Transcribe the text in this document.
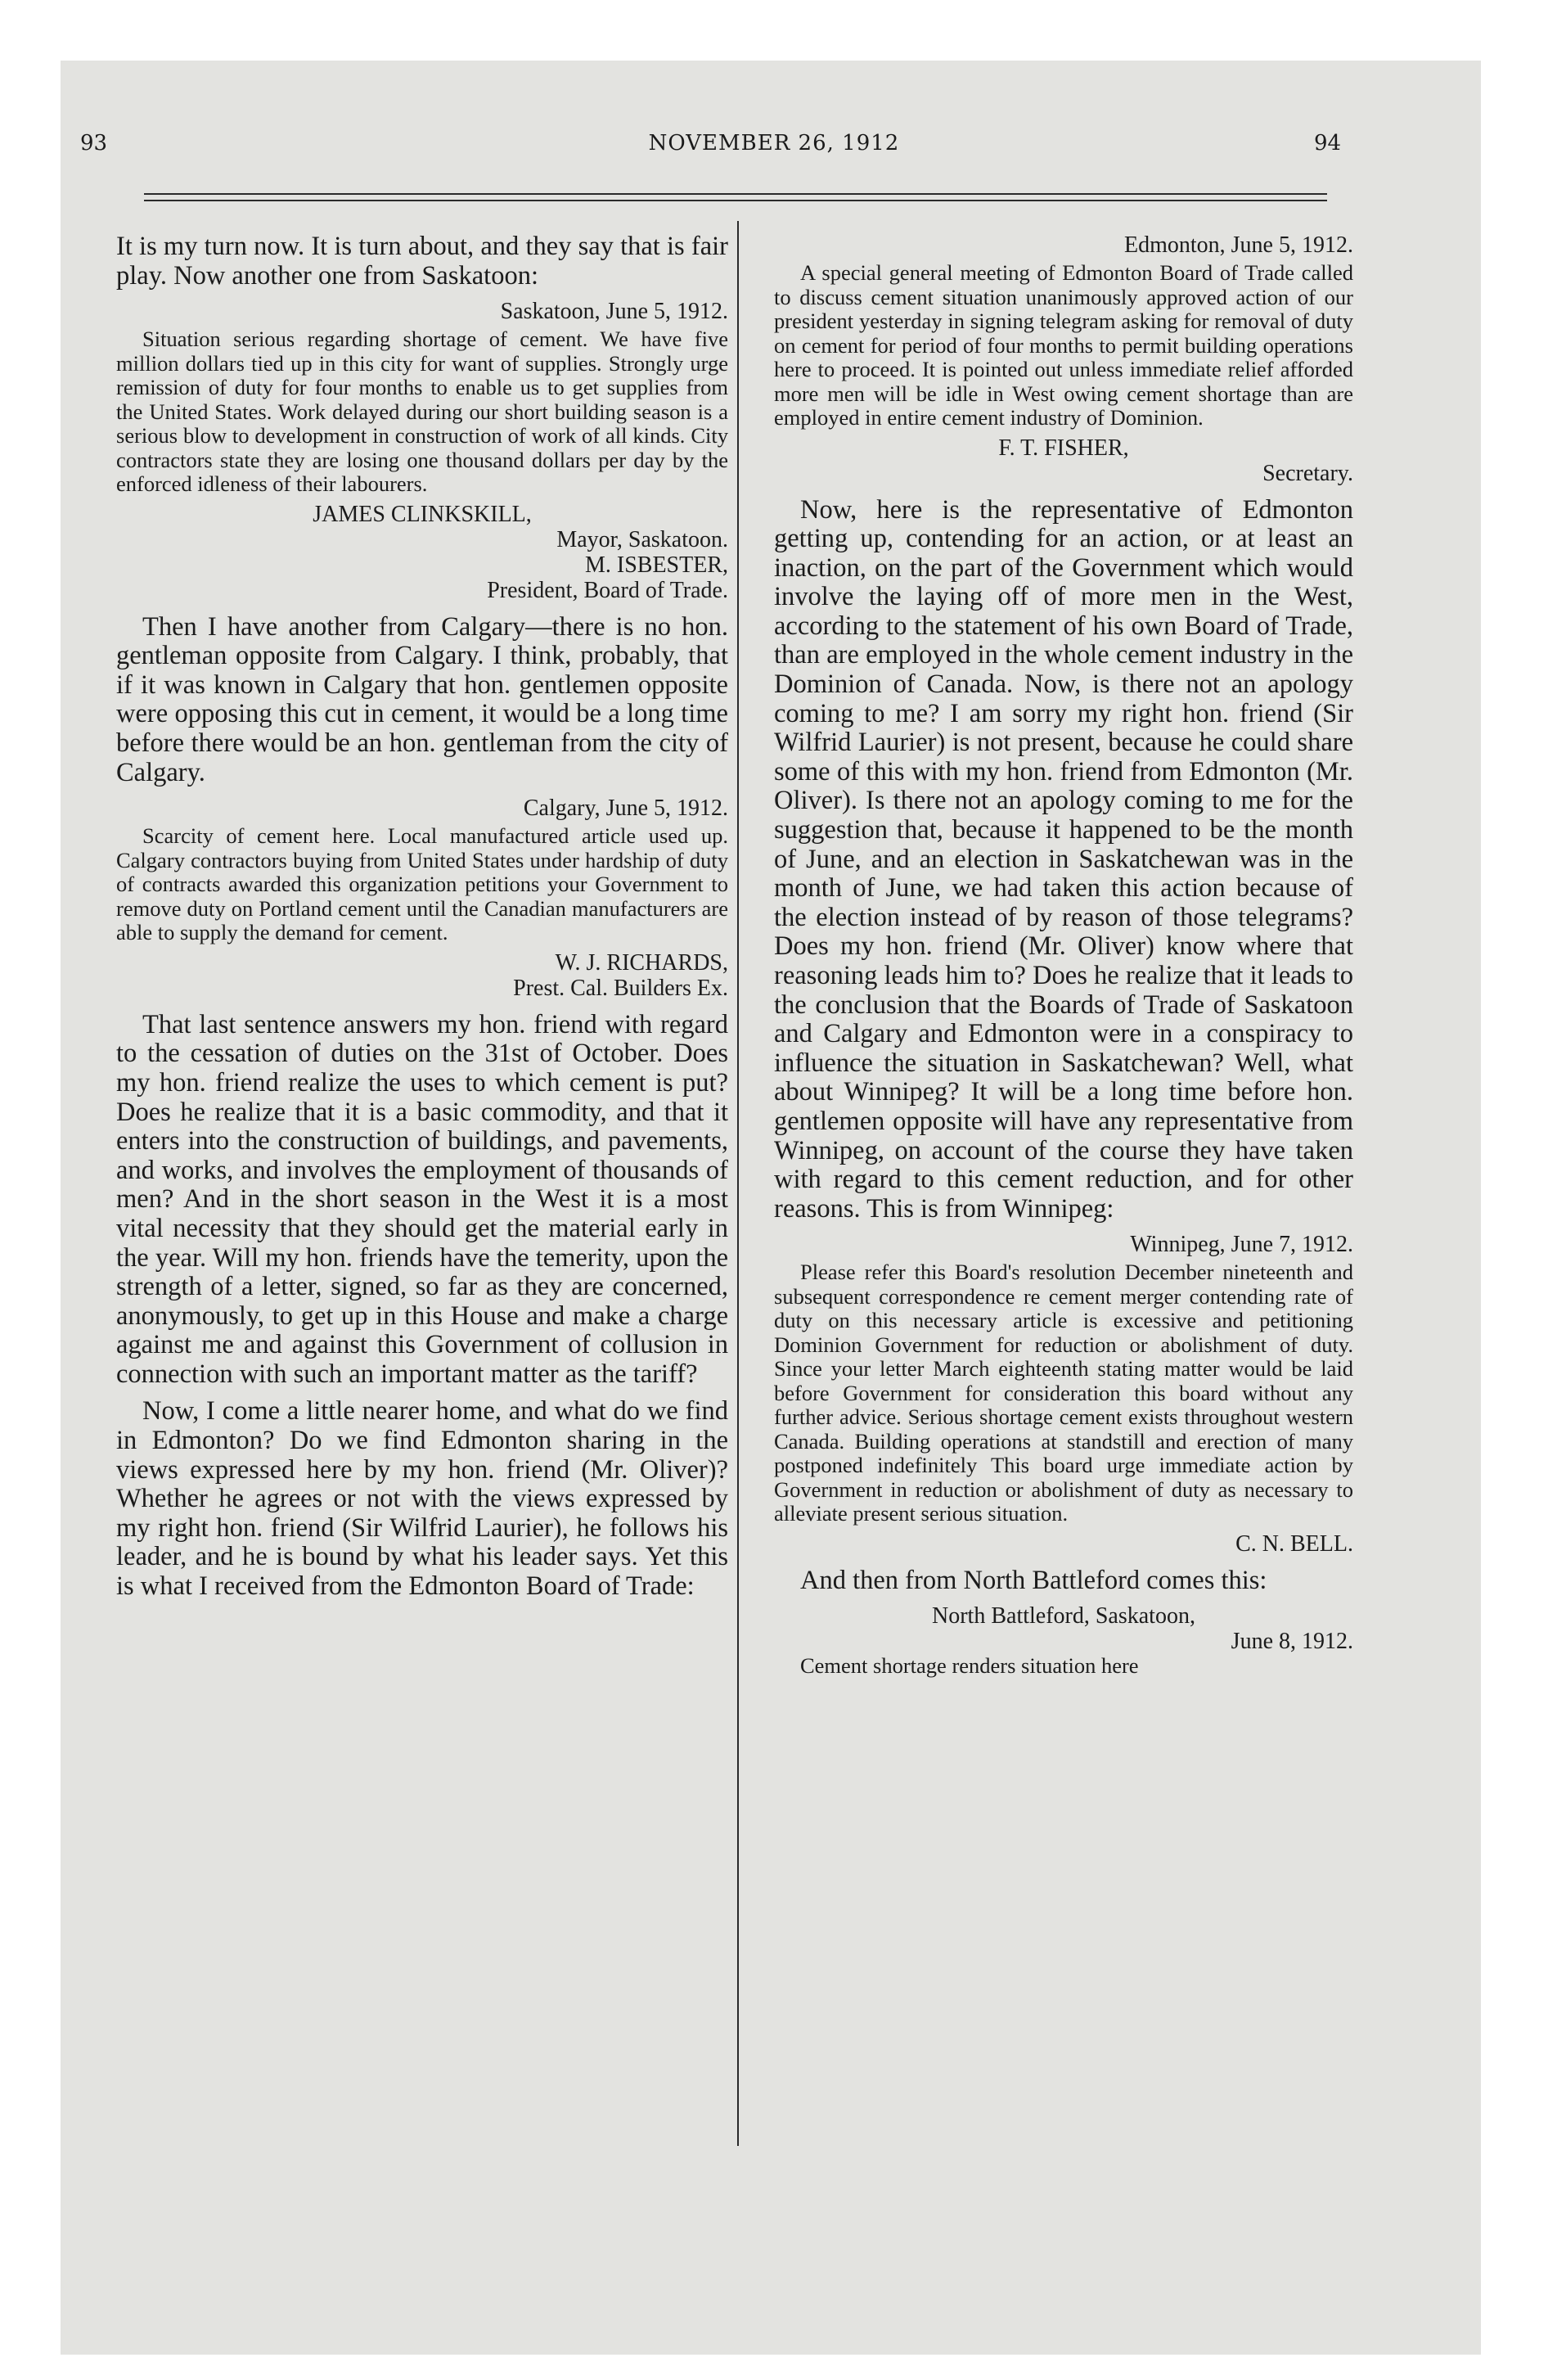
93	NOVEMBER 26, 1912	94

It is my turn now. It is turn about, and they say that is fair play. Now another one from Saskatoon:

Saskatoon, June 5, 1912.

Situation serious regarding shortage of cement. We have five million dollars tied up in this city for want of supplies. Strongly urge remission of duty for four months to enable us to get supplies from the United States. Work delayed during our short building season is a serious blow to development in construction of work of all kinds. City contractors state they are losing one thousand dollars per day by the enforced idleness of their labourers.

JAMES CLINKSKILL,

Mayor, Saskatoon.

M. ISBESTER,

President, Board of Trade.

Then I have another from Calgary—there is no hon. gentleman opposite from Calgary. I think, probably, that if it was known in Calgary that hon. gentlemen opposite were opposing this cut in cement, it would be a long time before there would be an hon. gentleman from the city of Calgary.

Calgary, June 5, 1912.

Scarcity of cement here. Local manufactured article used up. Calgary contractors buying from United States under hardship of duty of contracts awarded this organization petitions your Government to remove duty on Portland cement until the Canadian manufacturers are able to supply the demand for cement.

W. J. RICHARDS,

Prest. Cal. Builders Ex.

That last sentence answers my hon. friend with regard to the cessation of duties on the 31st of October. Does my hon. friend realize the uses to which cement is put? Does he realize that it is a basic commodity, and that it enters into the construction of buildings, and pavements, and works, and involves the employment of thousands of men? And in the short season in the West it is a most vital necessity that they should get the material early in the year. Will my hon. friends have the temerity, upon the strength of a letter, signed, so far as they are concerned, anonymously, to get up in this House and make a charge against me and against this Government of collusion in connection with such an important matter as the tariff?

Now, I come a little nearer home, and what do we find in Edmonton? Do we find Edmonton sharing in the views expressed here by my hon. friend (Mr. Oliver)? Whether he agrees or not with the views expressed by my right hon. friend (Sir Wilfrid Laurier), he follows his leader, and he is bound by what his leader says. Yet this is what I received from the Edmonton Board of Trade:

Edmonton, June 5, 1912.

A special general meeting of Edmonton Board of Trade called to discuss cement situation unanimously approved action of our president yesterday in signing telegram asking for removal of duty on cement for period of four months to permit building operations here to proceed. It is pointed out unless immediate relief afforded more men will be idle in West owing cement shortage than are employed in entire cement industry of Dominion.

F. T. FISHER,

Secretary.

Now, here is the representative of Edmonton getting up, contending for an action, or at least an inaction, on the part of the Government which would involve the laying off of more men in the West, according to the statement of his own Board of Trade, than are employed in the whole cement industry in the Dominion of Canada. Now, is there not an apology coming to me? I am sorry my right hon. friend (Sir Wilfrid Laurier) is not present, because he could share some of this with my hon. friend from Edmonton (Mr. Oliver). Is there not an apology coming to me for the suggestion that, because it happened to be the month of June, and an election in Saskatchewan was in the month of June, we had taken this action because of the election instead of by reason of those telegrams? Does my hon. friend (Mr. Oliver) know where that reasoning leads him to? Does he realize that it leads to the conclusion that the Boards of Trade of Saskatoon and Calgary and Edmonton were in a conspiracy to influence the situation in Saskatchewan? Well, what about Winnipeg? It will be a long time before hon. gentlemen opposite will have any representative from Winnipeg, on account of the course they have taken with regard to this cement reduction, and for other reasons. This is from Winnipeg:

Winnipeg, June 7, 1912.

Please refer this Board's resolution December nineteenth and subsequent correspondence re cement merger contending rate of duty on this necessary article is excessive and petitioning Dominion Government for reduction or abolishment of duty. Since your letter March eighteenth stating matter would be laid before Government for consideration this board without any further advice. Serious shortage cement exists throughout western Canada. Building operations at standstill and erection of many postponed indefinitely This board urge immediate action by Government in reduction or abolishment of duty as necessary to alleviate present serious situation.

C. N. BELL.

And then from North Battleford comes this:

North Battleford, Saskatoon,

June 8, 1912.

Cement shortage renders situation here
